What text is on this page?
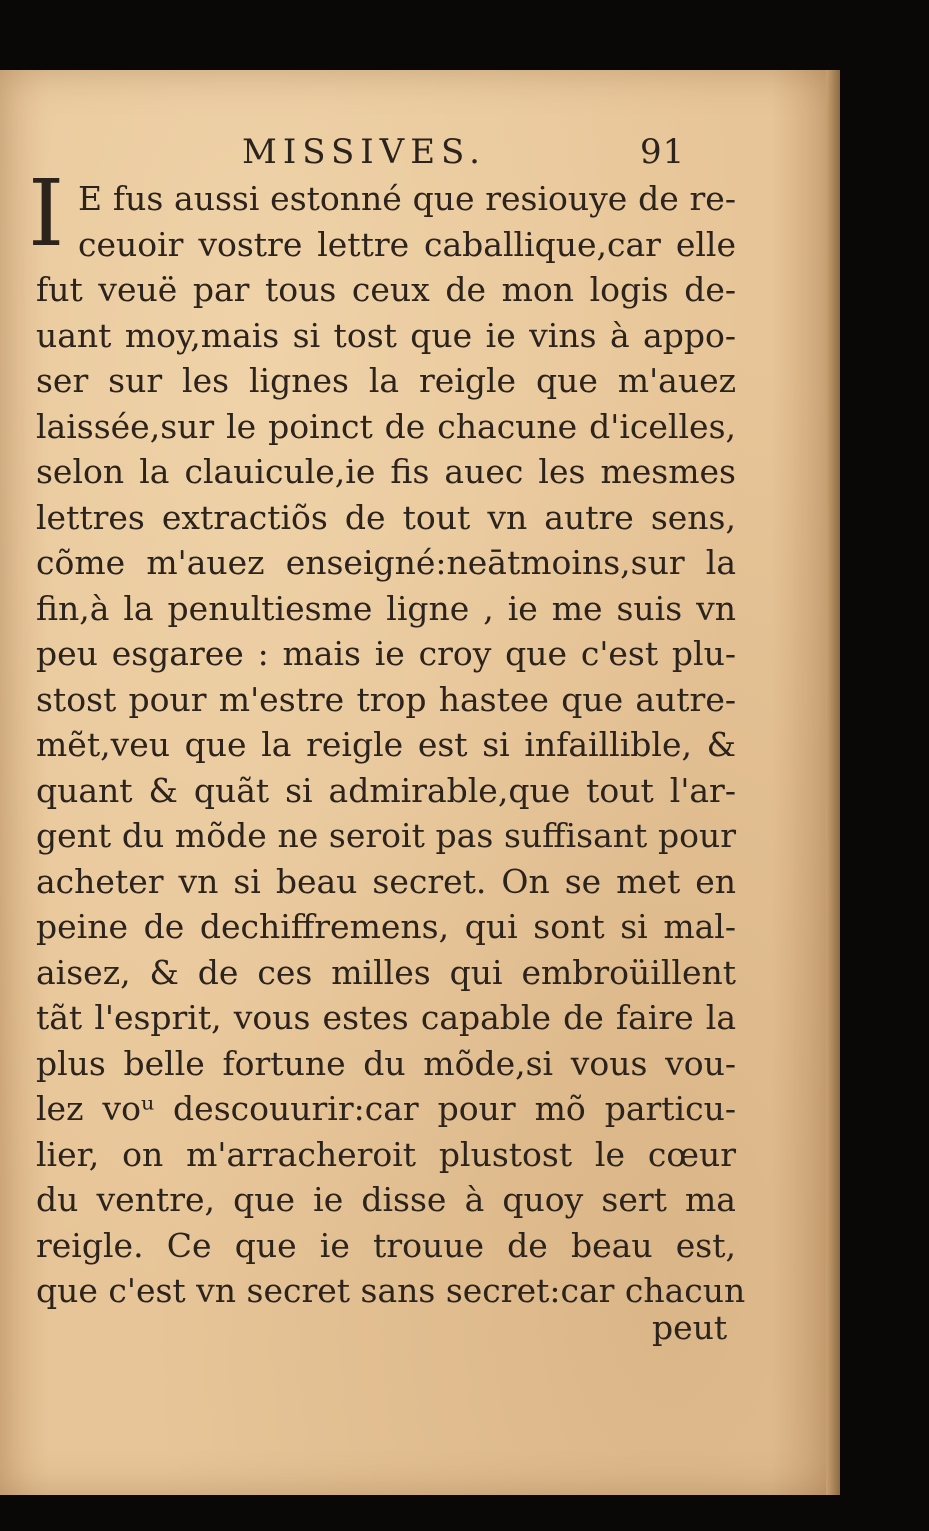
MISSIVES.	91
I E fus aussi estonné que resiouye de re-
ceuoir vostre lettre caballique,car elle
fut veuë par tous ceux de mon logis de-
uant moy,mais si tost que ie vins à appo-
ser sur les lignes la reigle que m'auez
laissée,sur le poinct de chacune d'icelles,
selon la clauicule,ie fis auec les mesmes
lettres extractiõs de tout vn autre sens,
cõme m'auez enseigné:neātmoins,sur la
fin,à la penultiesme ligne , ie me suis vn
peu esgaree : mais ie croy que c'est plu-
stost pour m'estre trop hastee que autre-
mẽt,veu que la reigle est si infaillible, &
quant & quãt si admirable,que tout l'ar-
gent du mõde ne seroit pas suffisant pour
acheter vn si beau secret. On se met en
peine de dechiffremens, qui sont si mal-
aisez, & de ces milles qui embroüillent
tãt l'esprit, vous estes capable de faire la
plus belle fortune du mõde,si vous vou-
lez voᵘ descouurir:car pour mõ particu-
lier, on m'arracheroit plustost le cœur
du ventre, que ie disse à quoy sert ma
reigle. Ce que ie trouue de beau est,
que c'est vn secret sans secret:car chacun
peut
